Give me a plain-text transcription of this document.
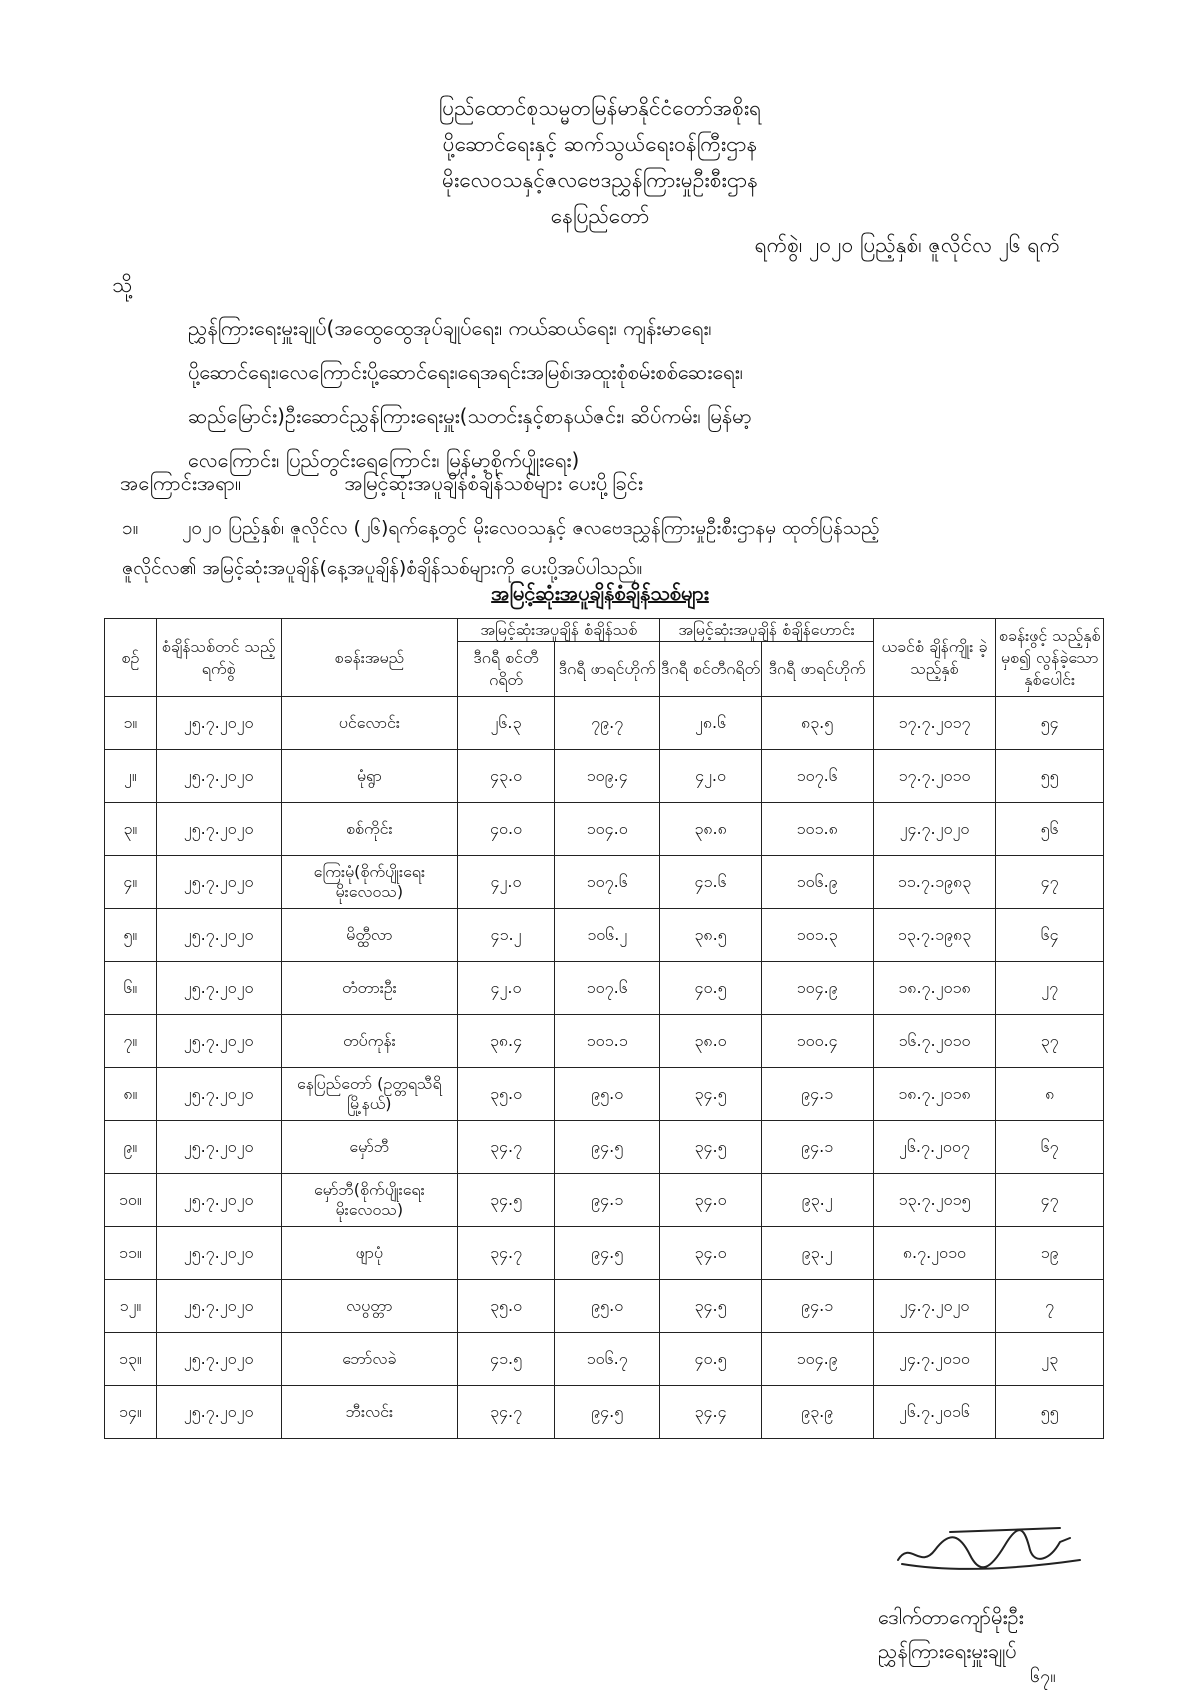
ပြည်ထောင်စုသမ္မတမြန်မာနိုင်ငံတော်အစိုးရ
ပို့ဆောင်ရေးနှင့် ဆက်သွယ်ရေးဝန်ကြီးဌာန
မိုးလေဝသနှင့်ဇလဗေဒညွှန်ကြားမှုဦးစီးဌာန
နေပြည်တော်
ရက်စွဲ၊ ၂၀၂၀ ပြည့်နှစ်၊ ဇူလိုင်လ ၂၆ ရက်
သို့
ညွှန်ကြားရေးမှူးချုပ်(အထွေထွေအုပ်ချုပ်ရေး၊ ကယ်ဆယ်ရေး၊ ကျန်းမာရေး၊
ပို့ဆောင်ရေး၊လေကြောင်းပို့ဆောင်ရေး၊ရေအရင်းအမြစ်၊အထူးစုံစမ်းစစ်ဆေးရေး၊
ဆည်မြောင်း)ဦးဆောင်ညွှန်ကြားရေးမှူး(သတင်းနှင့်စာနယ်ဇင်း၊ ဆိပ်ကမ်း၊ မြန်မာ့
လေကြောင်း၊ ပြည်တွင်းရေကြောင်း၊ မြန်မာ့စိုက်ပျိုးရေး)
အကြောင်းအရာ။	အမြင့်ဆုံးအပူချိန်စံချိန်သစ်များ ပေးပို့ခြင်း
၁။ ၂၀၂၀ ပြည့်နှစ်၊ ဇူလိုင်လ (၂၆)ရက်နေ့တွင် မိုးလေဝသနှင့် ဇလဗေဒညွှန်ကြားမှုဦးစီးဌာနမှ ထုတ်ပြန်သည့်
ဇူလိုင်လ၏ အမြင့်ဆုံးအပူချိန်(နေ့အပူချိန်)စံချိန်သစ်များကို ပေးပို့အပ်ပါသည်။
အမြင့်ဆုံးအပူချိန်စံချိန်သစ်များ
စဉ်	စံချိန်သစ်တင် သည့်ရက်စွဲ	စခန်းအမည်	အမြင့်ဆုံးအပူချိန် စံချိန်သစ်		အမြင့်ဆုံးအပူချိန် စံချိန်ဟောင်း		ယခင်စံ ချိန်ကျိုး ခဲ့သည့်နှစ်	စခန်းဖွင့် သည့်နှစ်မှစ၍ လွန်ခဲ့သော နှစ်ပေါင်း
			ဒီဂရီ စင်တီဂရိတ်	ဒီဂရီ ဖာရင်ဟိုက်	ဒီဂရီ စင်တီဂရိတ်	ဒီဂရီ ဖာရင်ဟိုက်		
၁။	၂၅.၇.၂၀၂၀	ပင်လောင်း	၂၆.၃	၇၉.၇	၂၈.၆	၈၃.၅	၁၇.၇.၂၀၁၇	၅၄
၂။	၂၅.၇.၂၀၂၀	မုံရွာ	၄၃.၀	၁၀၉.၄	၄၂.၀	၁၀၇.၆	၁၇.၇.၂၀၁၀	၅၅
၃။	၂၅.၇.၂၀၂၀	စစ်ကိုင်း	၄၀.၀	၁၀၄.၀	၃၈.၈	၁၀၁.၈	၂၄.၇.၂၀၂၀	၅၆
၄။	၂၅.၇.၂၀၂၀	ကြေးမုံ(စိုက်ပျိုးရေး မိုးလေဝသ)	၄၂.၀	၁၀၇.၆	၄၁.၆	၁၀၆.၉	၁၁.၇.၁၉၈၃	၄၇
၅။	၂၅.၇.၂၀၂၀	မိတ္ထီလာ	၄၁.၂	၁၀၆.၂	၃၈.၅	၁၀၁.၃	၁၃.၇.၁၉၈၃	၆၄
၆။	၂၅.၇.၂၀၂၀	တံတားဦး	၄၂.၀	၁၀၇.၆	၄၀.၅	၁၀၄.၉	၁၈.၇.၂၀၁၈	၂၇
၇။	၂၅.၇.၂၀၂၀	တပ်ကုန်း	၃၈.၄	၁၀၁.၁	၃၈.၀	၁၀၀.၄	၁၆.၇.၂၀၁၀	၃၇
၈။	၂၅.၇.၂၀၂၀	နေပြည်တော် (ဥတ္တရသီရိမြို့နယ်)	၃၅.၀	၉၅.၀	၃၄.၅	၉၄.၁	၁၈.၇.၂၀၁၈	၈
၉။	၂၅.၇.၂၀၂၀	မှော်ဘီ	၃၄.၇	၉၄.၅	၃၄.၅	၉၄.၁	၂၆.၇.၂၀၀၇	၆၇
၁၀။	၂၅.၇.၂၀၂၀	မှော်ဘီ(စိုက်ပျိုးရေး မိုးလေဝသ)	၃၄.၅	၉၄.၁	၃၄.၀	၉၃.၂	၁၃.၇.၂၀၁၅	၄၇
၁၁။	၂၅.၇.၂၀၂၀	ဖျာပုံ	၃၄.၇	၉၄.၅	၃၄.၀	၉၃.၂	၈.၇.၂၀၁၀	၁၉
၁၂။	၂၅.၇.၂၀၂၀	လပွတ္တာ	၃၅.၀	၉၅.၀	၃၄.၅	၉၄.၁	၂၄.၇.၂၀၂၀	၇
၁၃။	၂၅.၇.၂၀၂၀	ဘော်လခဲ	၄၁.၅	၁၀၆.၇	၄၀.၅	၁၀၄.၉	၂၄.၇.၂၀၁၀	၂၃
၁၄။	၂၅.၇.၂၀၂၀	ဘီးလင်း	၃၄.၇	၉၄.၅	၃၄.၄	၉၃.၉	၂၆.၇.၂၀၁၆	၅၅
ဒေါက်တာကျော်မိုးဦး
ညွှန်ကြားရေးမှူးချုပ်
၆၇။
